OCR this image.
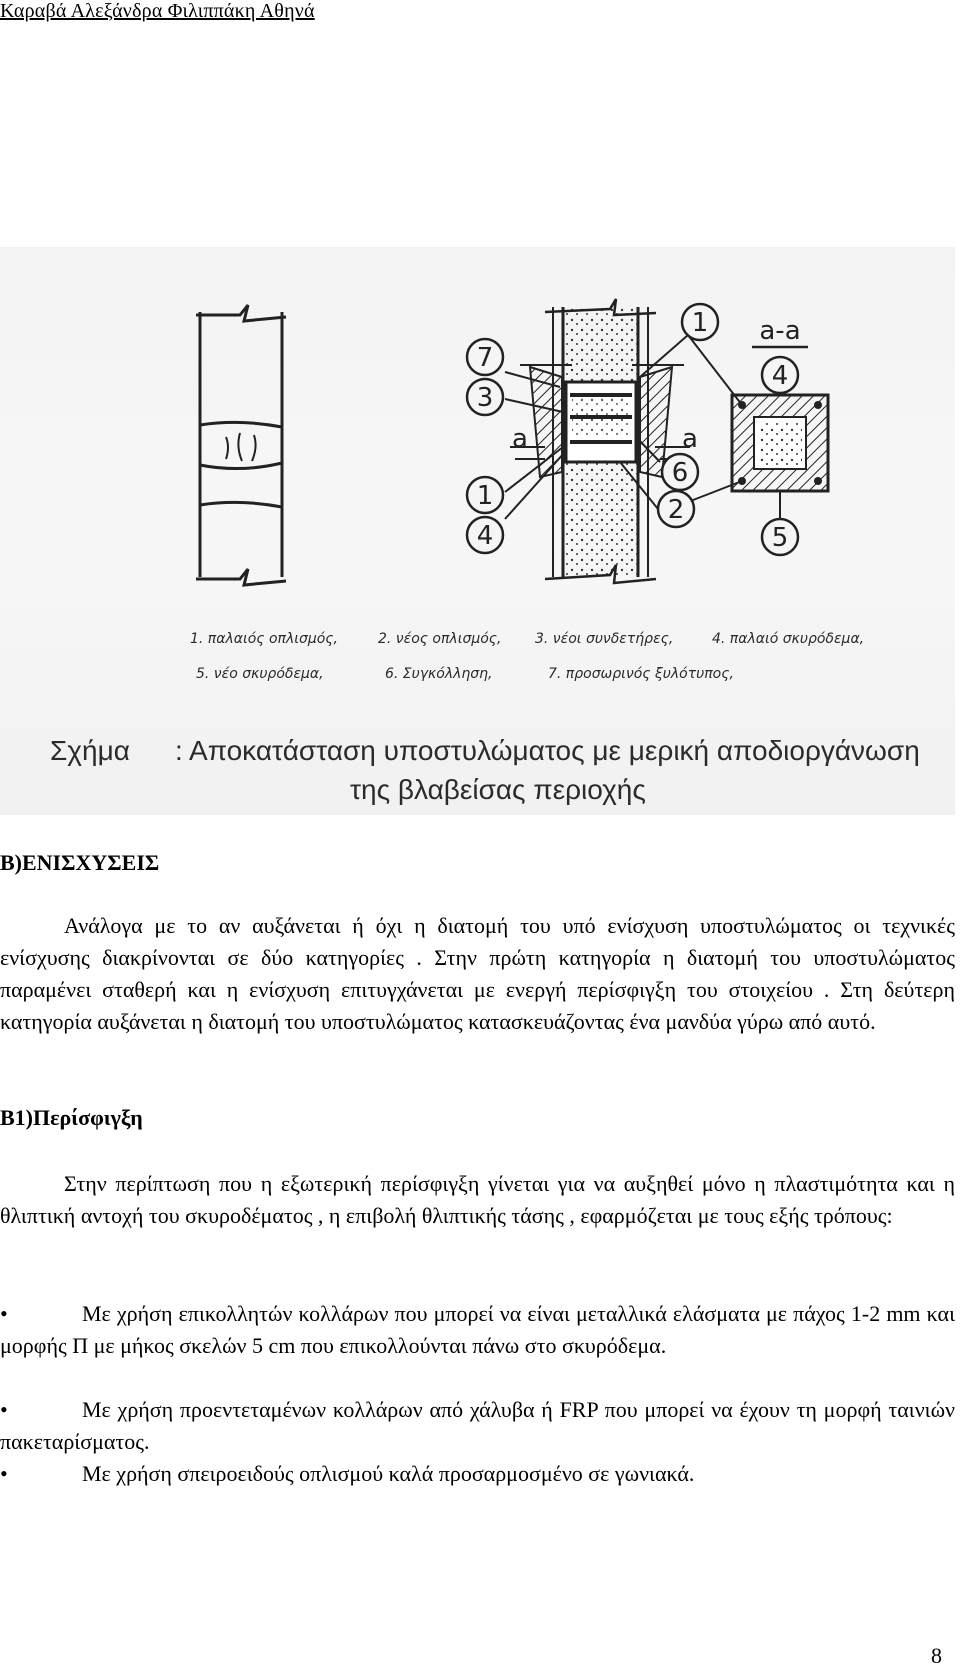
Καραβά Αλεξάνδρα Φιλιππάκη Αθηνά
1
7
3
a
1
4
a
6
2
a-a
4
5
1. παλαιός οπλισμός,	2. νέος οπλισμός, 3. νέοι συνδετήρες,	4. παλαιό σκυρόδεμα,
5. νέο σκυρόδεμα,	6. Συγκόλληση,	7. προσωρινός ξυλότυπος,
Σχήμα : Αποκατάσταση υποστυλώματος με μερική αποδιοργάνωση
της βλαβείσας περιοχής
Β)ΕΝΙΣΧΥΣΕΙΣ
Ανάλογα με το αν αυξάνεται ή όχι η διατομή του υπό ενίσχυση υποστυλώματος οι τεχνικές ενίσχυσης διακρίνονται σε δύο κατηγορίες . Στην πρώτη κατηγορία η διατομή του υποστυλώματος παραμένει σταθερή και η ενίσχυση επιτυγχάνεται με ενεργή περίσφιγξη του στοιχείου . Στη δεύτερη κατηγορία αυξάνεται η διατομή του υποστυλώματος κατασκευάζοντας ένα μανδύα γύρω από αυτό.
Β1)Περίσφιγξη
Στην περίπτωση που η εξωτερική περίσφιγξη γίνεται για να αυξηθεί μόνο η πλαστιμότητα και η θλιπτική αντοχή του σκυροδέματος , η επιβολή θλιπτικής τάσης , εφαρμόζεται με τους εξής τρόπους:
•	Με χρήση επικολλητών κολλάρων που μπορεί να είναι μεταλλικά ελάσματα με πάχος 1-2 mm και μορφής Π με μήκος σκελών 5 cm που επικολλούνται πάνω στο σκυρόδεμα.
•	Με χρήση προεντεταμένων κολλάρων από χάλυβα ή FRP που μπορεί να έχουν τη μορφή ταινιών πακεταρίσματος.
•	Με χρήση σπειροειδούς οπλισμού καλά προσαρμοσμένο σε γωνιακά.
8
